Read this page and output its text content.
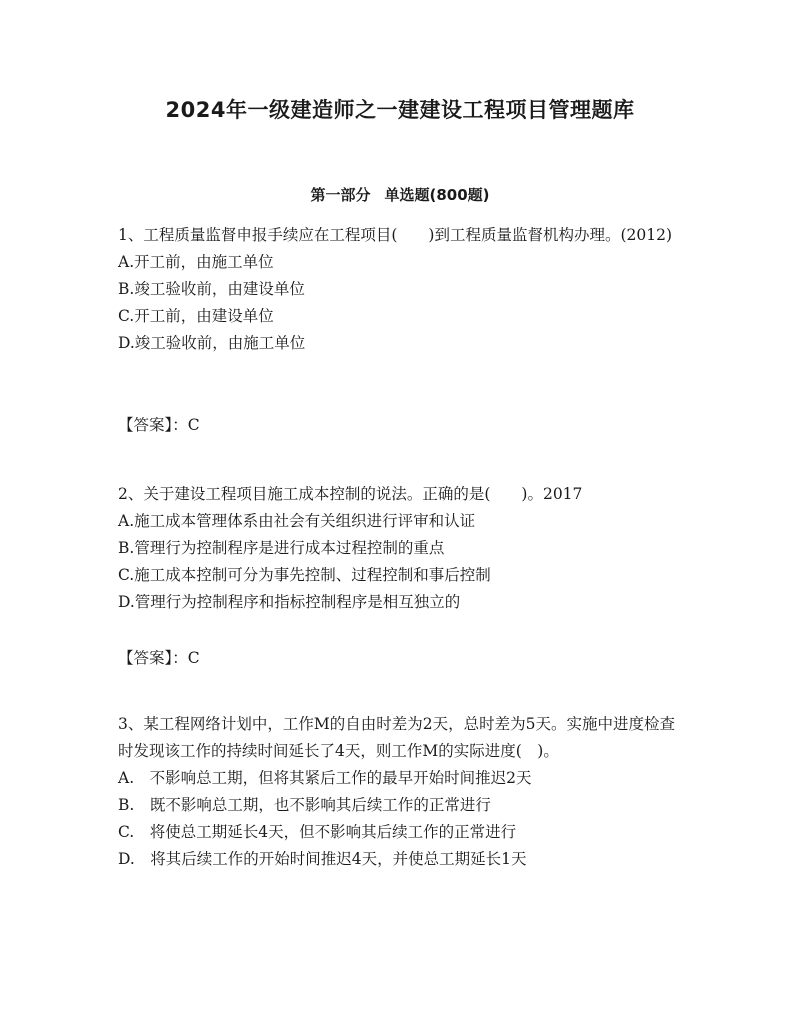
2024年一级建造师之一建建设工程项目管理题库
第一部分 单选题(800题)

1、工程质量监督申报手续应在工程项目(　　)到工程质量监督机构办理。(2012)

A.开工前，由施工单位

B.竣工验收前，由建设单位

C.开工前，由建设单位

D.竣工验收前，由施工单位

【答案】：C

2、关于建设工程项目施工成本控制的说法。正确的是(　　)。2017

A.施工成本管理体系由社会有关组织进行评审和认证

B.管理行为控制程序是进行成本过程控制的重点

C.施工成本控制可分为事先控制、过程控制和事后控制

D.管理行为控制程序和指标控制程序是相互独立的

【答案】：C

3、某工程网络计划中，工作M的自由时差为2天，总时差为5天。实施中进度检查时发现该工作的持续时间延长了4天，则工作M的实际进度(　)。

A.　不影响总工期，但将其紧后工作的最早开始时间推迟2天

B.　既不影响总工期，也不影响其后续工作的正常进行

C.　将使总工期延长4天，但不影响其后续工作的正常进行

D.　将其后续工作的开始时间推迟4天，并使总工期延长1天
